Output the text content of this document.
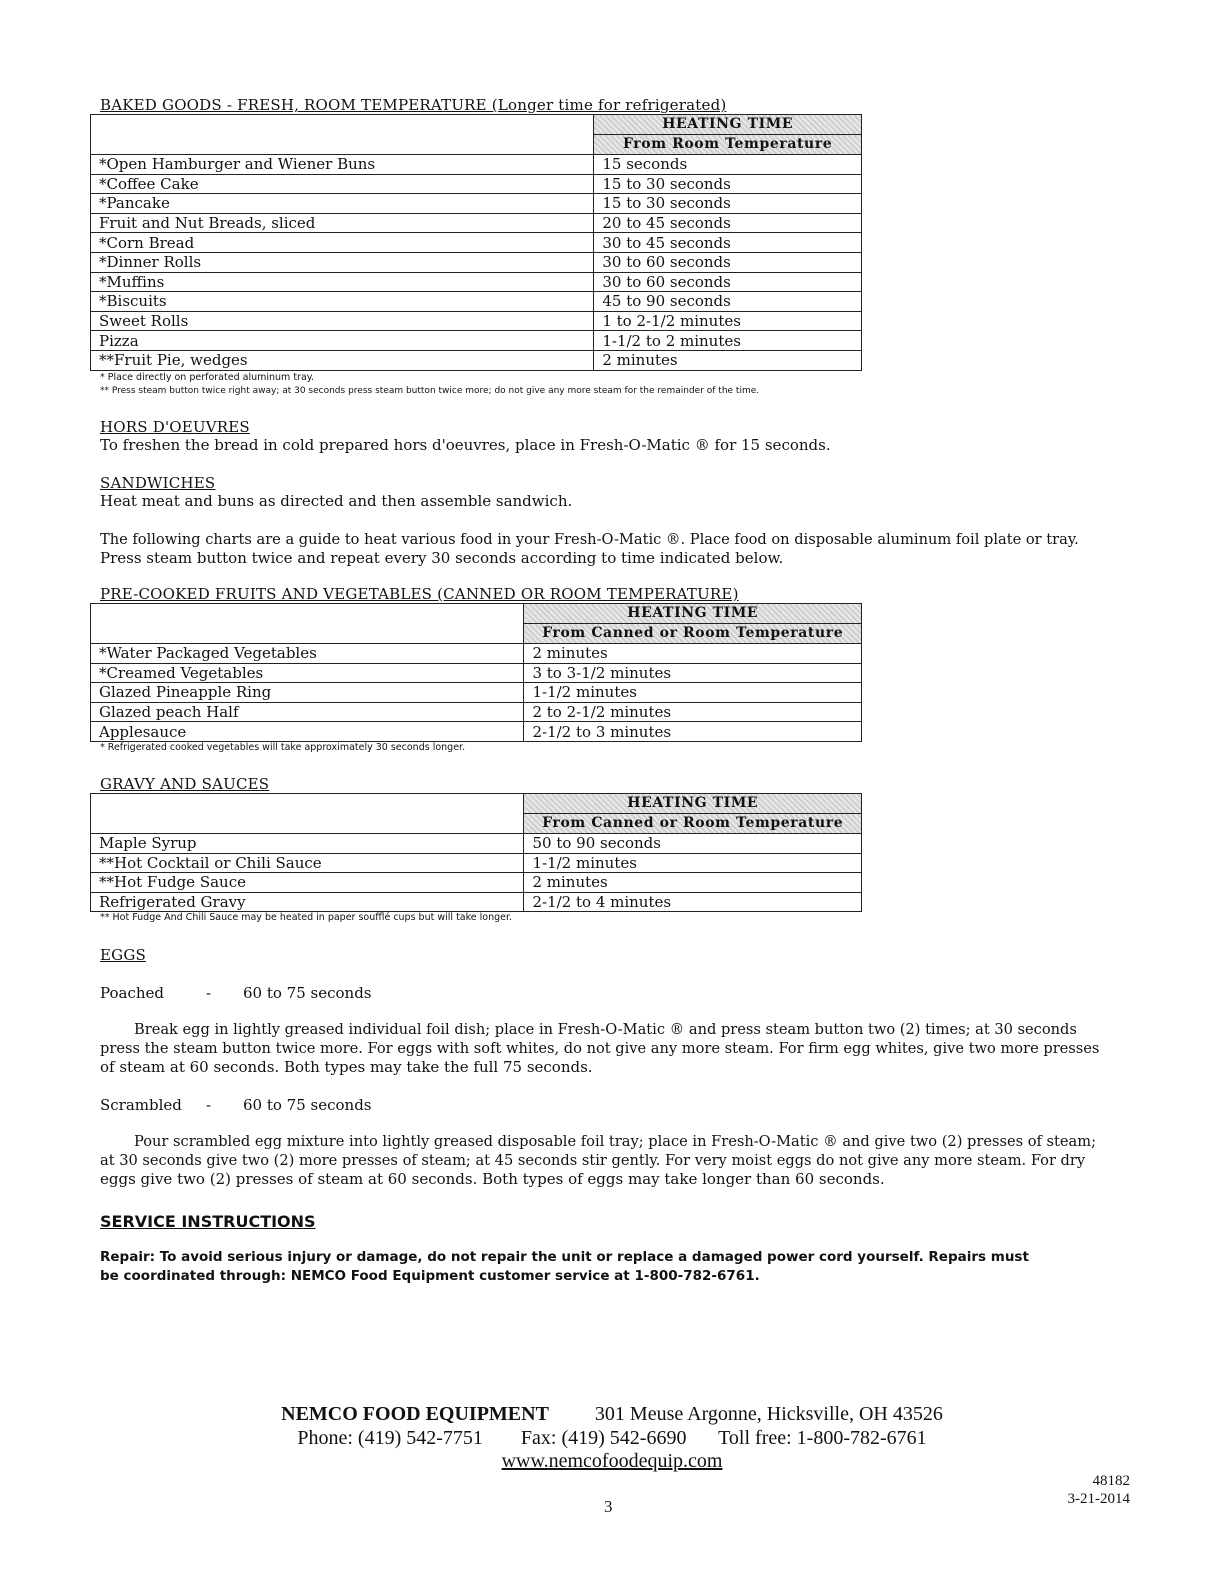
BAKED GOODS - FRESH, ROOM TEMPERATURE (Longer time for refrigerated)
	HEATING TIME
	From Room Temperature
*Open Hamburger and Wiener Buns	15 seconds
*Coffee Cake	15 to 30 seconds
*Pancake	15 to 30 seconds
Fruit and Nut Breads, sliced	20 to 45 seconds
*Corn Bread	30 to 45 seconds
*Dinner Rolls	30 to 60 seconds
*Muffins	30 to 60 seconds
*Biscuits	45 to 90 seconds
Sweet Rolls	1 to 2-1/2 minutes
Pizza	1-1/2 to 2 minutes
**Fruit Pie, wedges	2 minutes
* Place directly on perforated aluminum tray.
** Press steam button twice right away; at 30 seconds press steam button twice more; do not give any more steam for the remainder of the time.
HORS D'OEUVRES
To freshen the bread in cold prepared hors d'oeuvres, place in Fresh-O-Matic ® for 15 seconds.
SANDWICHES
Heat meat and buns as directed and then assemble sandwich.
The following charts are a guide to heat various food in your Fresh-O-Matic ®. Place food on disposable aluminum foil plate or tray.
Press steam button twice and repeat every 30 seconds according to time indicated below.
PRE-COOKED FRUITS AND VEGETABLES (CANNED OR ROOM TEMPERATURE)
	HEATING TIME
	From Canned or Room Temperature
*Water Packaged Vegetables	2 minutes
*Creamed Vegetables	3 to 3-1/2 minutes
Glazed Pineapple Ring	1-1/2 minutes
Glazed peach Half	2 to 2-1/2 minutes
Applesauce	2-1/2 to 3 minutes
* Refrigerated cooked vegetables will take approximately 30 seconds longer.
GRAVY AND SAUCES
	HEATING TIME
	From Canned or Room Temperature
Maple Syrup	50 to 90 seconds
**Hot Cocktail or Chili Sauce	1-1/2 minutes
**Hot Fudge Sauce	2 minutes
Refrigerated Gravy	2-1/2 to 4 minutes
** Hot Fudge And Chili Sauce may be heated in paper soufflé cups but will take longer.
EGGS
Poached	- 60 to 75 seconds
Break egg in lightly greased individual foil dish; place in Fresh-O-Matic ® and press steam button two (2) times; at 30 seconds
press the steam button twice more. For eggs with soft whites, do not give any more steam. For firm egg whites, give two more presses
of steam at 60 seconds. Both types may take the full 75 seconds.
Scrambled - 60 to 75 seconds
Pour scrambled egg mixture into lightly greased disposable foil tray; place in Fresh-O-Matic ® and give two (2) presses of steam;
at 30 seconds give two (2) more presses of steam; at 45 seconds stir gently. For very moist eggs do not give any more steam. For dry
eggs give two (2) presses of steam at 60 seconds. Both types of eggs may take longer than 60 seconds.
SERVICE INSTRUCTIONS
Repair: To avoid serious injury or damage, do not repair the unit or replace a damaged power cord yourself. Repairs must
be coordinated through: NEMCO Food Equipment customer service at 1-800-782-6761.
NEMCO FOOD EQUIPMENT 301 Meuse Argonne, Hicksville, OH 43526
Phone: (419) 542-7751 Fax: (419) 542-6690 Toll free: 1-800-782-6761
www.nemcofoodequip.com
3
48182
3-21-2014
